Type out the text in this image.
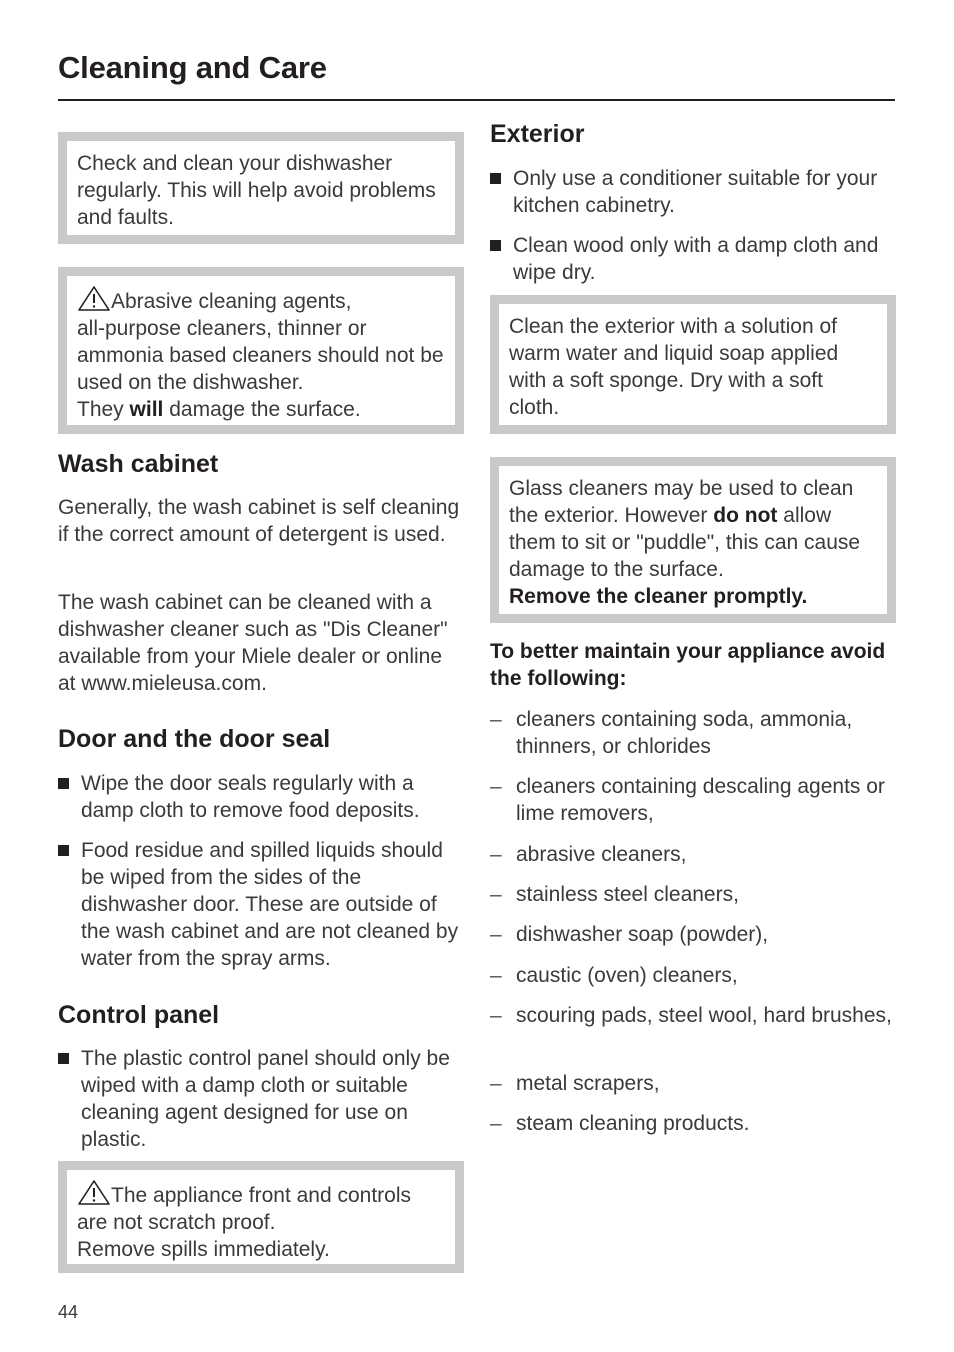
Cleaning and Care
Check and clean your dishwasher regularly. This will help avoid problems and faults.
Abrasive cleaning agents,
all-purpose cleaners, thinner or ammonia based cleaners should not be used on the dishwasher.
They will damage the surface.
Wash cabinet

Generally, the wash cabinet is self cleaning if the correct amount of detergent is used.

The wash cabinet can be cleaned with a dishwasher cleaner such as "Dis Cleaner" available from your Miele dealer or online at www.mieleusa.com.

Door and the door seal
Wipe the door seals regularly with a damp cloth to remove food deposits.
Food residue and spilled liquids should be wiped from the sides of the dishwasher door. These are outside of the wash cabinet and are not cleaned by water from the spray arms.
Control panel
The plastic control panel should only be wiped with a damp cloth or suitable cleaning agent designed for use on plastic.
The appliance front and controls
are not scratch proof.
Remove spills immediately.
Exterior
Only use a conditioner suitable for your kitchen cabinetry.
Clean wood only with a damp cloth and wipe dry.
Clean the exterior with a solution of warm water and liquid soap applied with a soft sponge. Dry with a soft cloth.
Glass cleaners may be used to clean the exterior. However do not allow them to sit or "puddle", this can cause damage to the surface.
Remove the cleaner promptly.
To better maintain your appliance avoid the following:
– cleaners containing soda, ammonia, thinners, or chlorides
– cleaners containing descaling agents or lime removers,
– abrasive cleaners,
– stainless steel cleaners,
– dishwasher soap (powder),
– caustic (oven) cleaners,
– scouring pads, steel wool, hard brushes,
– metal scrapers,
– steam cleaning products.
44
